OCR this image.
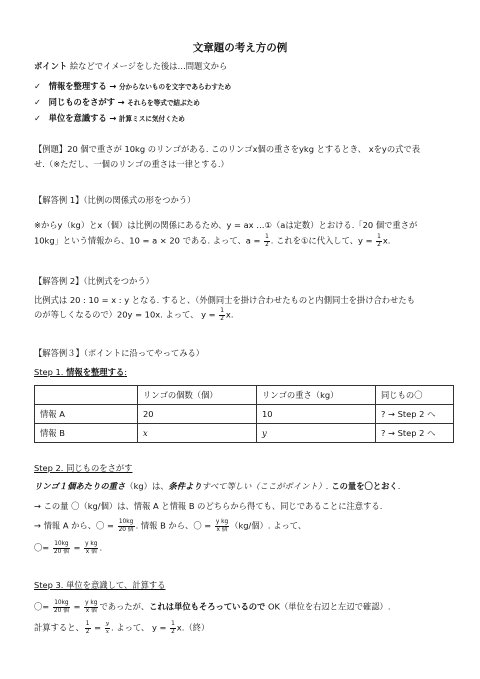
文章題の考え方の例
ポイント 絵などでイメージをした後は…問題文から
✓ 情報を整理する → 分からないものを文字であらわすため
✓ 同じものをさがす → それらを等式で結ぶため
✓ 単位を意識する → 計算ミスに気付くため
【例題】20 個で重さが 10kg のリンゴがある. このリンゴx個の重さをykg とするとき、 xをyの式で表
せ.（※ただし、一個のリンゴの重さは一律とする.）
【解答例 1】（比例の関係式の形をつかう）
※からy（kg）とx（個）は比例の関係にあるため、y = ax …①（aは定数）とおける.「20 個で重さが
10kg」という情報から、10 = a × 20 である. よって、$a = \frac{1}{2}$ . これを①に代入して、$y = \frac{1}{2} x$.
【解答例 2】（比例式をつかう）
比例式は 20 : 10 = x : y となる. すると、（外側同士を掛け合わせたものと内側同士を掛け合わせたも
のが等しくなるので）20y = 10x. よって、 $y = \frac{1}{2} x$.
【解答例３】（ポイントに沿ってやってみる）
Step 1. 情報を整理する:
	リンゴの個数（個）	リンゴの重さ（kg）	同じもの〇
情報 A	20	10	? → Step 2 へ
情報 B	x	y	? → Step 2 へ
Step 2. 同じものをさがす
リンゴ１個あたりの重さ（kg）は、条件よりすべて等しい（ここがポイント）. この量を〇とおく.
→ この量 〇（kg/個）は、情報 A と情報 B のどちらから得ても、同じであることに注意する.
→ 情報 A から、〇 = $\frac{10kg}{\text{20 個}}$ . 情報 B から、〇 = $\frac{\text{y kg}}{\text{x 個}} (kg/$個）. よって、
〇= $\frac{10kg}{\text{20 個}} = \frac{\text{y kg}}{\text{x 個}}$ .
Step 3. 単位を意識して、計算する
〇= $\frac{10kg}{\text{20 個}} = \frac{\text{y kg}}{\text{x 個}}$ であったが、これは単位もそろっているので OK（単位を右辺と左辺で確認）.
計算すると、 $\frac{1}{2} = \frac{y}{x}$ . よって、 $y = \frac{1}{2} x$.（終）
